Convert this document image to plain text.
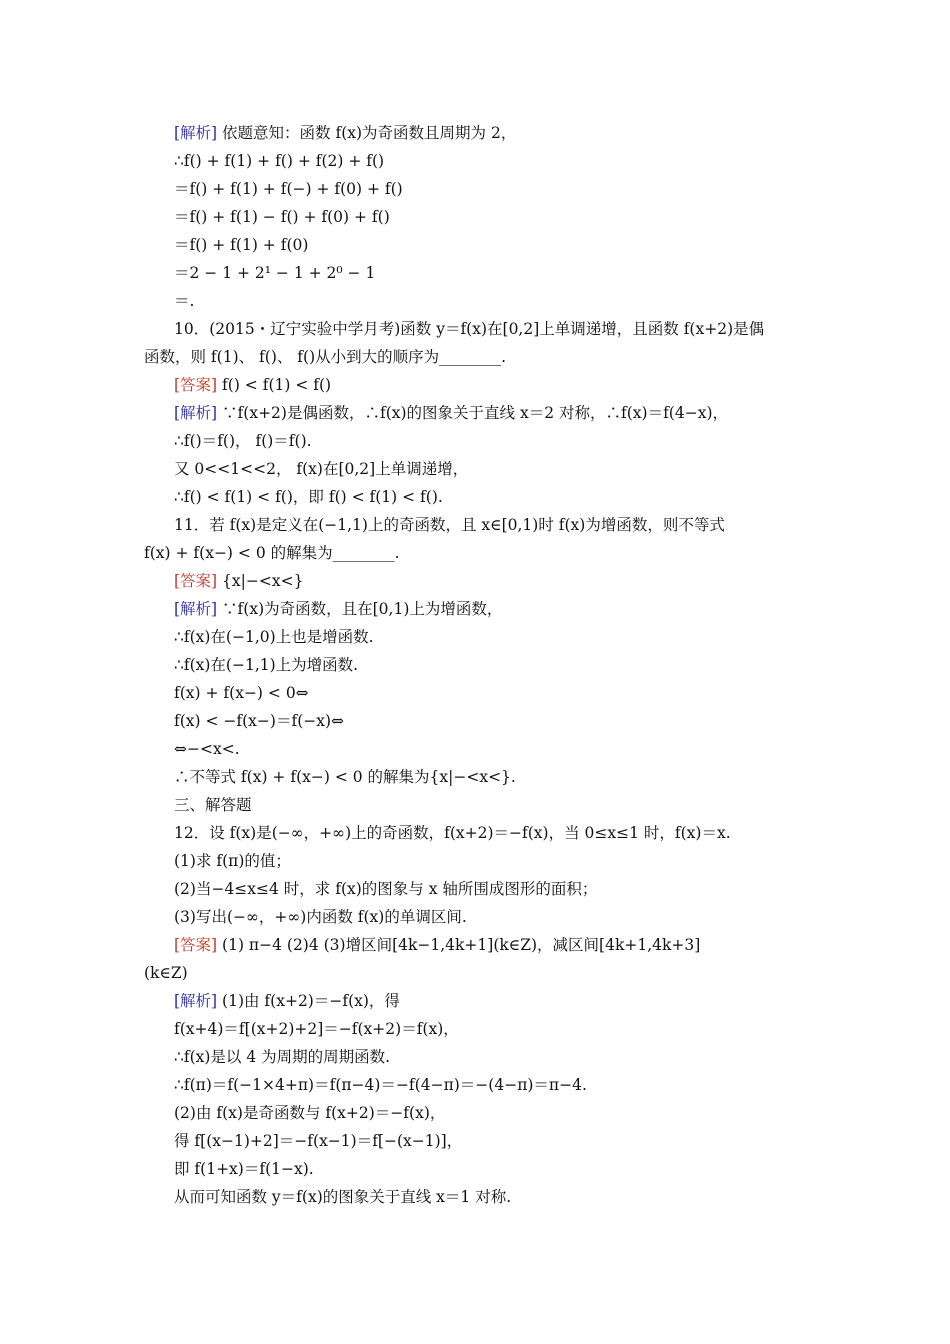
[解析] 依题意知：函数 f(x)为奇函数且周期为 2，
∴f() + f(1) + f() + f(2) + f()
＝f() + f(1) + f(−) + f(0) + f()
＝f() + f(1) − f() + f(0) + f()
＝f() + f(1) + f(0)
＝2 − 1 + 2¹ − 1 + 2⁰ − 1
＝.
10．(2015・辽宁实验中学月考)函数 y＝f(x)在[0,2]上单调递增，且函数 f(x+2)是偶
函数，则 f(1)、 f()、 f()从小到大的顺序为________.
[答案] f() < f(1) < f()
[解析] ∵f(x+2)是偶函数，∴f(x)的图象关于直线 x＝2 对称，∴f(x)＝f(4−x)，
∴f()＝f()， f()＝f().
又 0<<1<<2， f(x)在[0,2]上单调递增，
∴f() < f(1) < f()，即 f() < f(1) < f().
11．若 f(x)是定义在(−1,1)上的奇函数，且 x∈[0,1)时 f(x)为增函数，则不等式
f(x) + f(x−) < 0 的解集为________.
[答案] {x|−<x<}
[解析] ∵f(x)为奇函数，且在[0,1)上为增函数，
∴f(x)在(−1,0)上也是增函数.
∴f(x)在(−1,1)上为增函数.
f(x) + f(x−) < 0⇔
f(x) < −f(x−)＝f(−x)⇔
⇔−<x<.
∴不等式 f(x) + f(x−) < 0 的解集为{x|−<x<}.
三、解答题
12．设 f(x)是(−∞，+∞)上的奇函数，f(x+2)＝−f(x)，当 0≤x≤1 时，f(x)＝x.
(1)求 f(π)的值；
(2)当−4≤x≤4 时，求 f(x)的图象与 x 轴所围成图形的面积；
(3)写出(−∞，+∞)内函数 f(x)的单调区间.
[答案] (1) π−4 (2)4 (3)增区间[4k−1,4k+1](k∈Z)，减区间[4k+1,4k+3]
(k∈Z)
[解析] (1)由 f(x+2)＝−f(x)，得
f(x+4)＝f[(x+2)+2]＝−f(x+2)＝f(x)，
∴f(x)是以 4 为周期的周期函数.
∴f(π)＝f(−1×4+π)＝f(π−4)＝−f(4−π)＝−(4−π)＝π−4.
(2)由 f(x)是奇函数与 f(x+2)＝−f(x)，
得 f[(x−1)+2]＝−f(x−1)＝f[−(x−1)]，
即 f(1+x)＝f(1−x).
从而可知函数 y＝f(x)的图象关于直线 x＝1 对称.
